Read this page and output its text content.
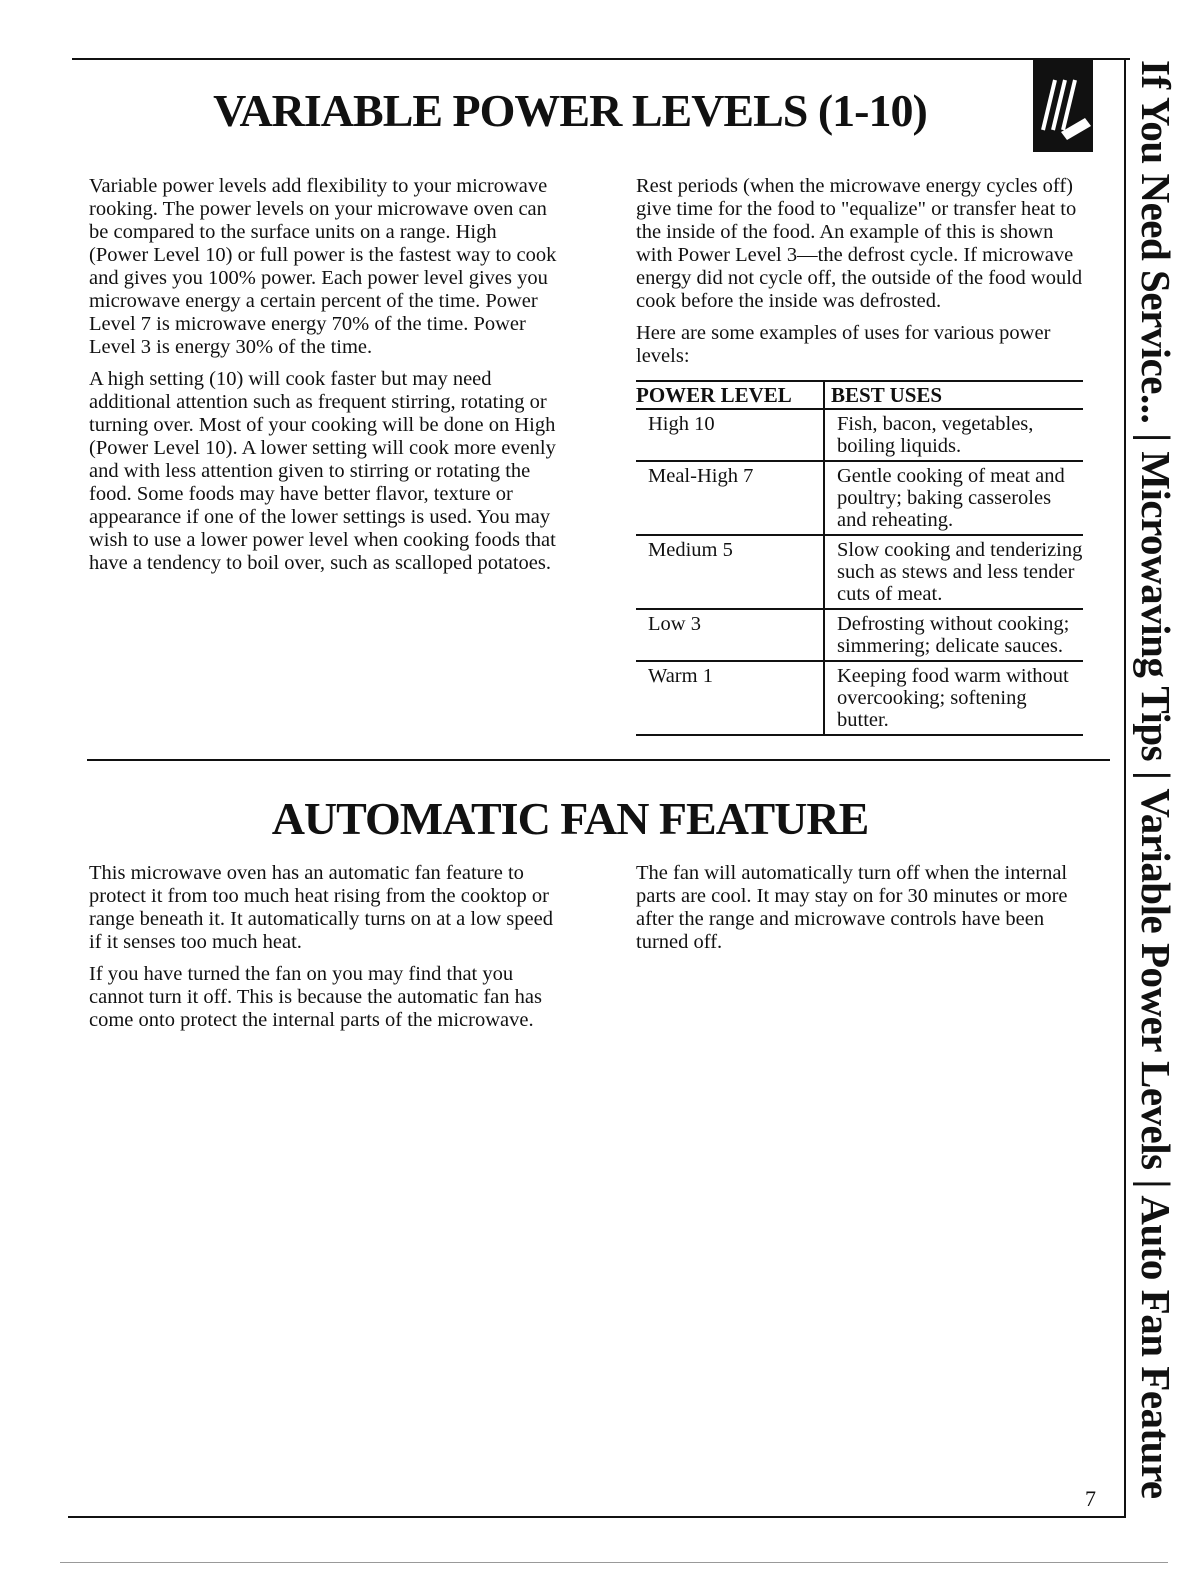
VARIABLE POWER LEVELS (1-10)

Variable power levels add flexibility to your microwave rooking. The power levels on your microwave oven can be compared to the surface units on a range. High (Power Level 10) or full power is the fastest way to cook and gives you 100% power. Each power level gives you microwave energy a certain percent of the time. Power Level 7 is microwave energy 70% of the time. Power Level 3 is energy 30% of the time.

A high setting (10) will cook faster but may need additional attention such as frequent stirring, rotating or turning over. Most of your cooking will be done on High (Power Level 10). A lower setting will cook more evenly and with less attention given to stirring or rotating the food. Some foods may have better flavor, texture or appearance if one of the lower settings is used. You may wish to use a lower power level when cooking foods that have a tendency to boil over, such as scalloped potatoes.

Rest periods (when the microwave energy cycles off) give time for the food to "equalize" or transfer heat to the inside of the food. An example of this is shown with Power Level 3—the defrost cycle. If microwave energy did not cycle off, the outside of the food would cook before the inside was defrosted.

Here are some examples of uses for various power levels:

POWER LEVEL	BEST USES
High 10	Fish, bacon, vegetables, boiling liquids.
Meal-High 7	Gentle cooking of meat and poultry; baking casseroles and reheating.
Medium 5	Slow cooking and tenderizing such as stews and less tender cuts of meat.
Low 3	Defrosting without cooking; simmering; delicate sauces.
Warm 1	Keeping food warm without overcooking; softening butter.
AUTOMATIC FAN FEATURE

This microwave oven has an automatic fan feature to protect it from too much heat rising from the cooktop or range beneath it. It automatically turns on at a low speed if it senses too much heat.

If you have turned the fan on you may find that you cannot turn it off. This is because the automatic fan has come onto protect the internal parts of the microwave.

The fan will automatically turn off when the internal parts are cool. It may stay on for 30 minutes or more after the range and microwave controls have been turned off.	If You Need Service... | Microwaving Tips | Variable Power Levels | Auto Fan Feature
7
